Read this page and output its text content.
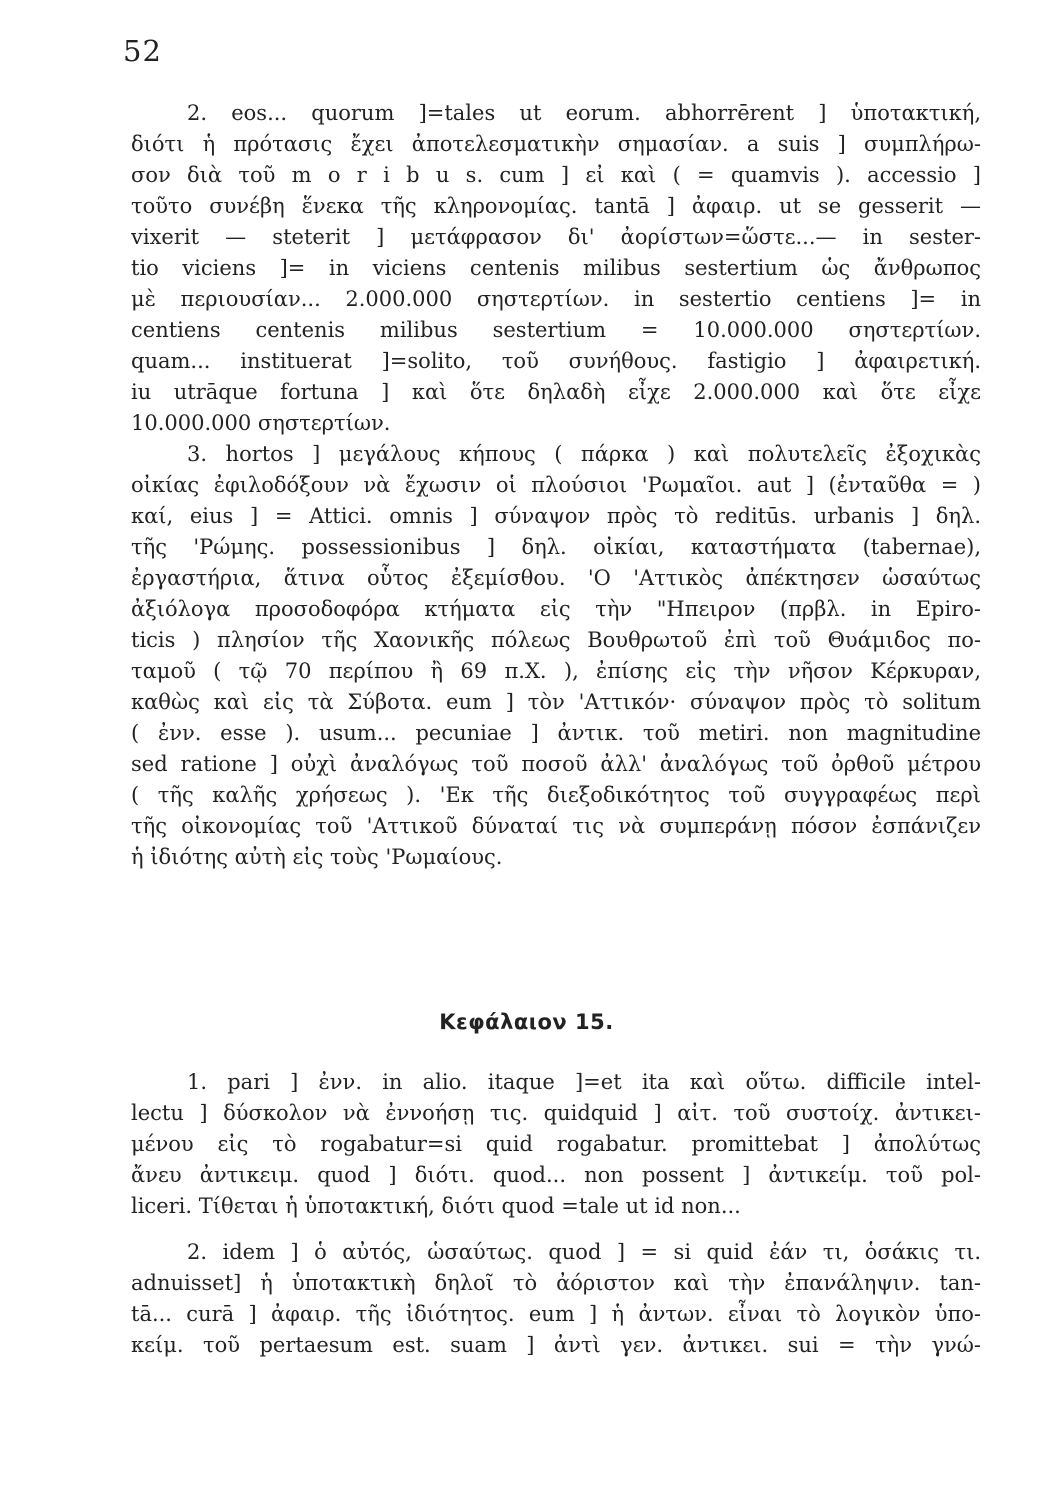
52
2. eos... quorum ]=tales ut eorum. abhorrērent ] ὑποτακτική,
διότι ἡ πρότασις ἔχει ἀποτελεσματικὴν σημασίαν. a suis ] συμπλήρω-
σον διὰ τοῦ m o r i b u s. cum ] εἰ καὶ ( = quamvis ). accessio ]
τοῦτο συνέβη ἕνεκα τῆς κληρονομίας. tantā ] ἀφαιρ. ut se gesserit —
vixerit — steterit ] μετάφρασον δι' ἀορίστων=ὥστε...— in sester-
tio viciens ]= in viciens centenis milibus sestertium ὡς ἄνθρωπος
μὲ περιουσίαν... 2.000.000 σηστερτίων. in sestertio centiens ]= in
centiens centenis milibus sestertium = 10.000.000 σηστερτίων.
quam... instituerat ]=solito, τοῦ συνήθους. fastigio ] ἀφαιρετική.
iu utrāque fortuna ] καὶ ὅτε δηλαδὴ εἶχε 2.000.000 καὶ ὅτε εἶχε
10.000.000 σηστερτίων.
3. hortos ] μεγάλους κήπους ( πάρκα ) καὶ πολυτελεῖς ἐξοχικὰς
οἰκίας ἐφιλοδόξουν νὰ ἔχωσιν οἱ πλούσιοι 'Ρωμαῖοι. aut ] (ἐνταῦθα = )
καί, eius ] = Attici. omnis ] σύναψον πρὸς τὸ reditūs. urbanis ] δηλ.
τῆς 'Ρώμης. possessionibus ] δηλ. οἰκίαι, καταστήματα (tabernae),
ἐργαστήρια, ἅτινα οὗτος ἐξεμίσθου. 'Ο 'Αττικὸς ἀπέκτησεν ὡσαύτως
ἀξιόλογα προσοδοφόρα κτήματα εἰς τὴν "Ηπειρον (πρβλ. in Epiro-
ticis ) πλησίον τῆς Χαονικῆς πόλεως Βουθρωτοῦ ἐπὶ τοῦ Θυάμιδος πο-
ταμοῦ ( τῷ 70 περίπου ἢ 69 π.Χ. ), ἐπίσης εἰς τὴν νῆσον Κέρκυραν,
καθὼς καὶ εἰς τὰ Σύβοτα. eum ] τὸν 'Αττικόν· σύναψον πρὸς τὸ solitum
( ἐνν. esse ). usum... pecuniae ] ἀντικ. τοῦ metiri. non magnitudine
sed ratione ] οὐχὶ ἀναλόγως τοῦ ποσοῦ ἀλλ' ἀναλόγως τοῦ ὀρθοῦ μέτρου
( τῆς καλῆς χρήσεως ). 'Εκ τῆς διεξοδικότητος τοῦ συγγραφέως περὶ
τῆς οἰκονομίας τοῦ 'Αττικοῦ δύναταί τις νὰ συμπεράνῃ πόσον ἐσπάνιζεν
ἡ ἰδιότης αὐτὴ εἰς τοὺς 'Ρωμαίους.
Κεφάλαιον 15.
1. pari ] ἐνν. in alio. itaque ]=et ita καὶ οὕτω. difficile intel-
lectu ] δύσκολον νὰ ἐννοήσῃ τις. quidquid ] αἰτ. τοῦ συστοίχ. ἀντικει-
μένου εἰς τὸ rogabatur=si quid rogabatur. promittebat ] ἀπολύτως
ἄνευ ἀντικειμ. quod ] διότι. quod... non possent ] ἀντικείμ. τοῦ pol-
liceri. Τίθεται ἡ ὑποτακτική, διότι quod =tale ut id non...
2. idem ] ὁ αὐτός, ὡσαύτως. quod ] = si quid ἐάν τι, ὁσάκις τι.
adnuisset] ἡ ὑποτακτικὴ δηλοῖ τὸ ἀόριστον καὶ τὴν ἐπανάληψιν. tan-
tā... curā ] ἀφαιρ. τῆς ἰδιότητος. eum ] ἡ ἀντων. εἶναι τὸ λογικὸν ὑπο-
κείμ. τοῦ pertaesum est. suam ] ἀντὶ γεν. ἀντικει. sui = τὴν γνώ-
